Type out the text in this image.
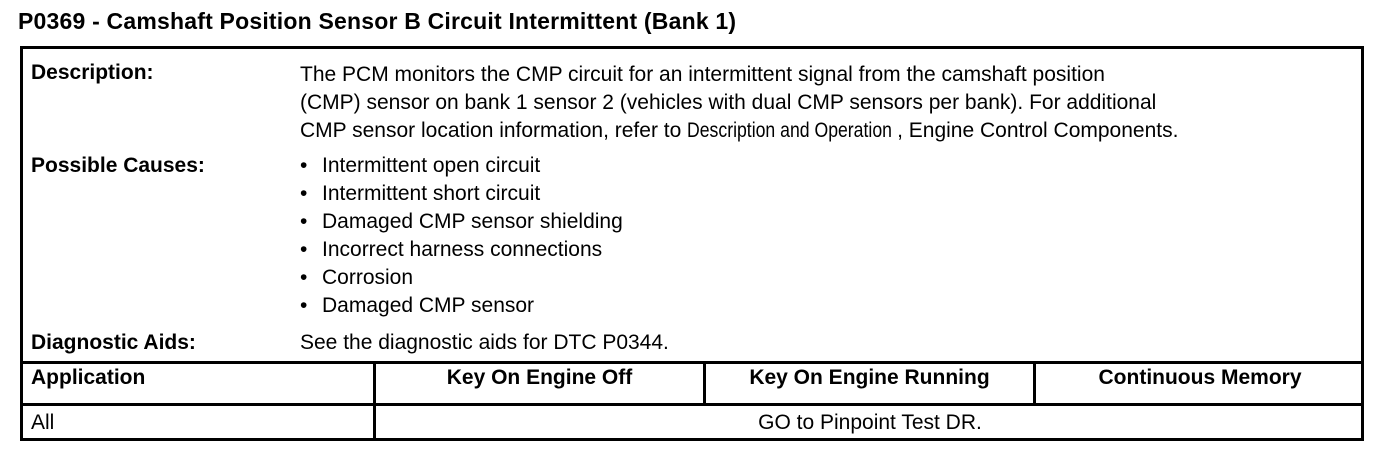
P0369 - Camshaft Position Sensor B Circuit Intermittent (Bank 1)
Description:	The PCM monitors the CMP circuit for an intermittent signal from the camshaft position
(CMP) sensor on bank 1 sensor 2 (vehicles with dual CMP sensors per bank). For additional
CMP sensor location information, refer to Description and Operation , Engine Control Components.
Possible Causes:	• Intermittent open circuit
• Intermittent short circuit
• Damaged CMP sensor shielding
• Incorrect harness connections
• Corrosion
• Damaged CMP sensor
Diagnostic Aids:	See the diagnostic aids for DTC P0344.
Application	Key On Engine Off	Key On Engine Running	Continuous Memory
All	GO to Pinpoint Test DR.
